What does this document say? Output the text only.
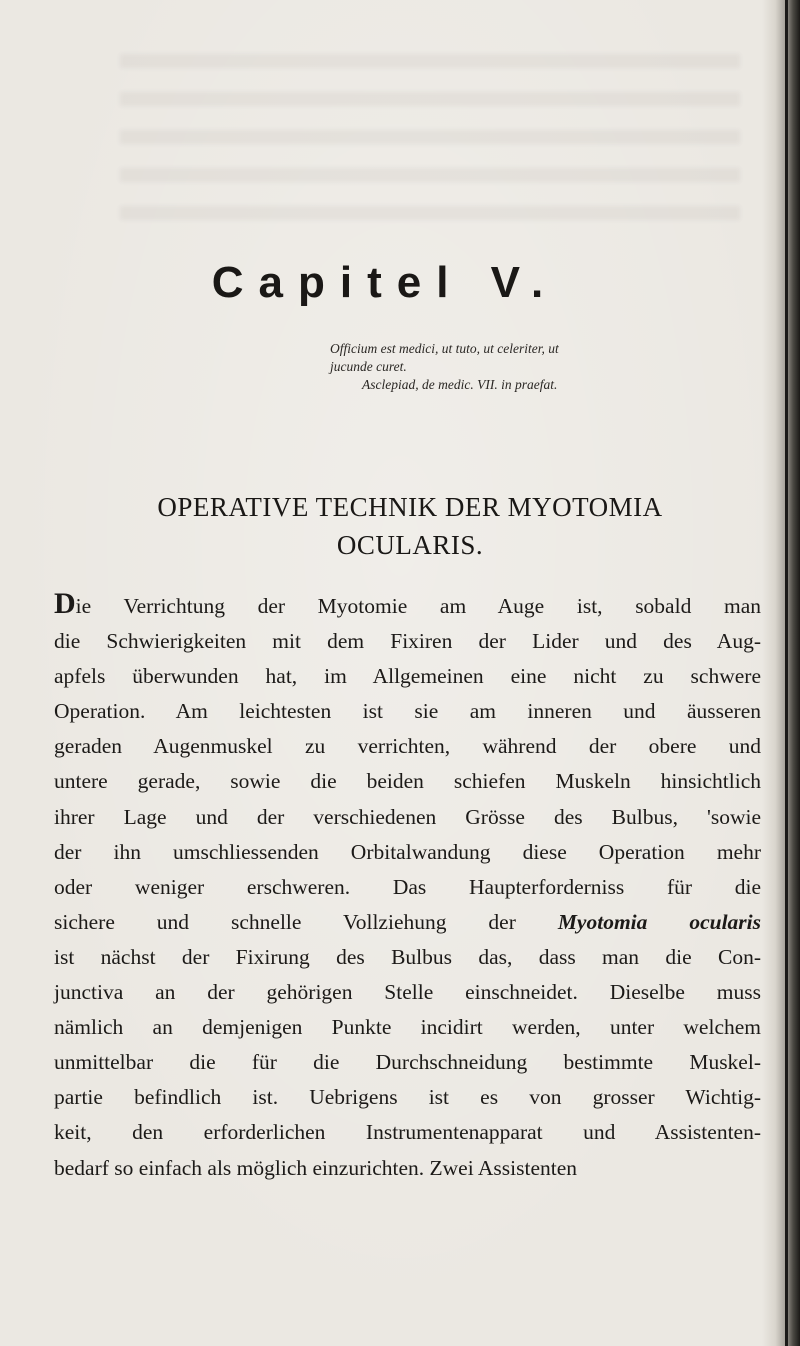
Capitel V.
Officium est medici, ut tuto, ut celeriter, ut
jucunde curet.
Asclepiad, de medic. VII. in praefat.
OPERATIVE TECHNIK DER MYOTOMIA
OCULARIS.
Die Verrichtung der Myotomie am Auge ist, sobald man
die Schwierigkeiten mit dem Fixiren der Lider und des Aug-
apfels überwunden hat, im Allgemeinen eine nicht zu schwere
Operation. Am leichtesten ist sie am inneren und äusseren
geraden Augenmuskel zu verrichten, während der obere und
untere gerade, sowie die beiden schiefen Muskeln hinsichtlich
ihrer Lage und der verschiedenen Grösse des Bulbus, 'sowie
der ihn umschliessenden Orbitalwandung diese Operation mehr
oder weniger erschweren. Das Haupterforderniss für die
sichere und schnelle Vollziehung der Myotomia ocularis
ist nächst der Fixirung des Bulbus das, dass man die Con-
junctiva an der gehörigen Stelle einschneidet. Dieselbe muss
nämlich an demjenigen Punkte incidirt werden, unter welchem
unmittelbar die für die Durchschneidung bestimmte Muskel-
partie befindlich ist. Uebrigens ist es von grosser Wichtig-
keit, den erforderlichen Instrumentenapparat und Assistenten-
bedarf so einfach als möglich einzurichten. Zwei Assistenten
